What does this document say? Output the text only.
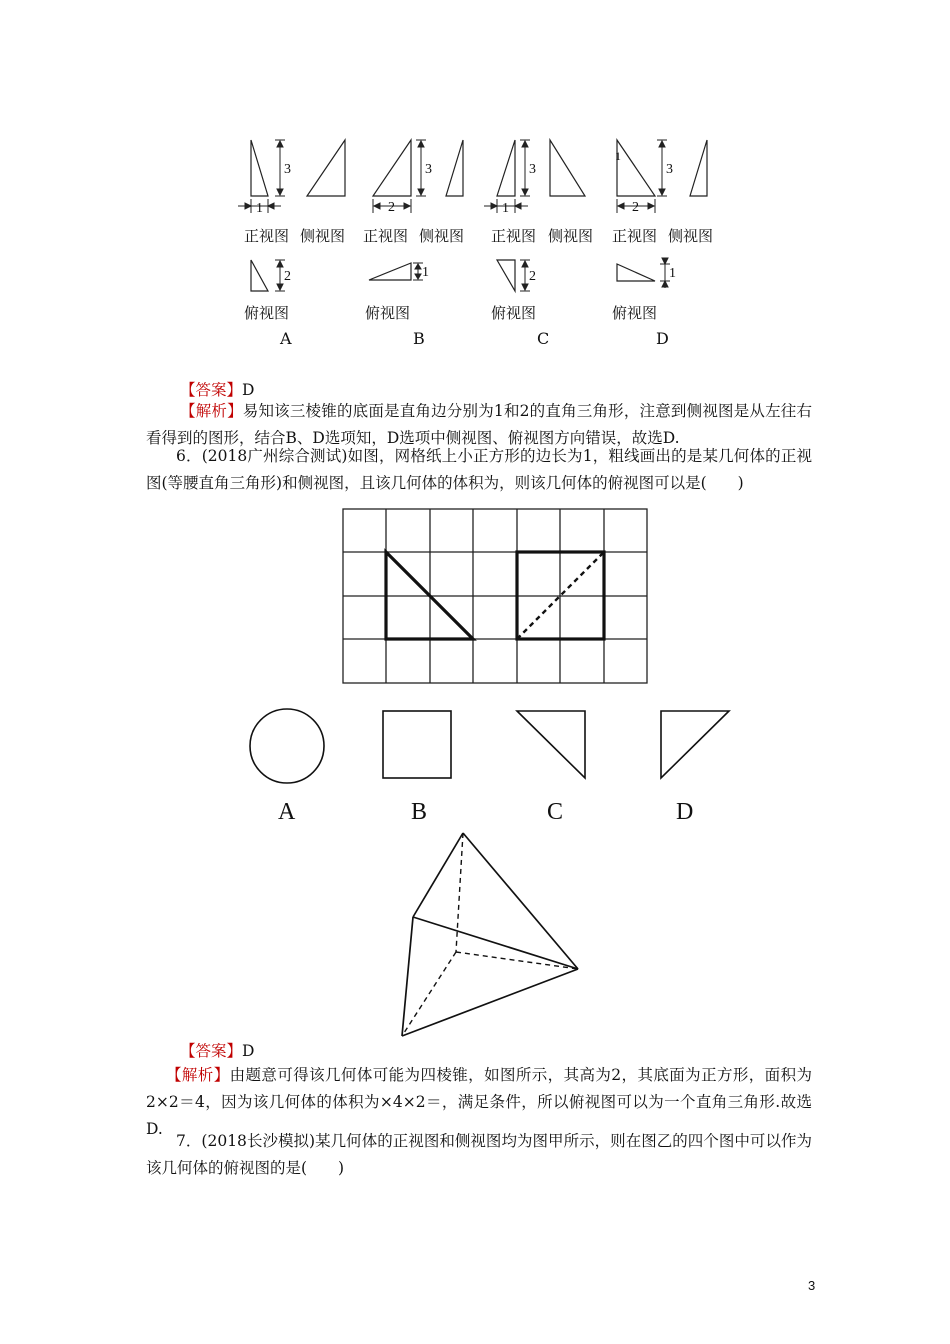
3
1
2
3
2
1
3
1
2
1
3
2
1
正视图 侧视图
俯视图
A
正视图 侧视图
俯视图
B
正视图 侧视图
俯视图
C
正视图 侧视图
俯视图
D
【答案】D
【解析】易知该三棱锥的底面是直角边分别为1和2的直角三角形，注意到侧视图是从左往右看得到的图形，结合B、D选项知，D选项中侧视图、俯视图方向错误，故选D.
6．(2018广州综合测试)如图，网格纸上小正方形的边长为1，粗线画出的是某几何体的正视图(等腰直角三角形)和侧视图，且该几何体的体积为，则该几何体的俯视图可以是(　　)
A	B	C	D
【答案】D
【解析】由题意可得该几何体可能为四棱锥，如图所示，其高为2，其底面为正方形，面积为2×2＝4，因为该几何体的体积为×4×2＝，满足条件，所以俯视图可以为一个直角三角形.故选D.
7．(2018长沙模拟)某几何体的正视图和侧视图均为图甲所示，则在图乙的四个图中可以作为该几何体的俯视图的是(　　)
3
